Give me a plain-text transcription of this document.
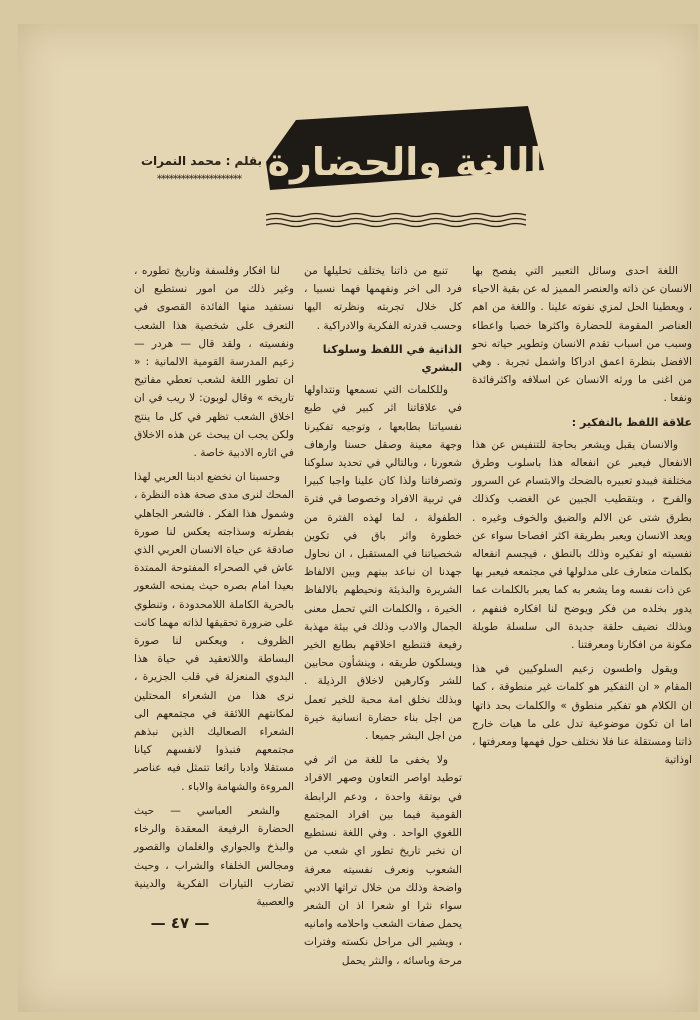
اللغة والحضارة
بقلم : محمد النمرات
*********************

اللغة احدى وسائل التعبير التي يفصح بها الانسان عن ذاته والعنصر المميز له عن بقية الاحياء ، ويعطينا الحل لمزي نفوته علينا . واللغة من اهم العناصر المقومة للحضارة واكثرها خصبا واعطاء وسبب من اسباب تقدم الانسان وتطوير حياته نحو الافضل بنظرة اعمق ادراكا واشمل تجربة . وهي من اغنى ما ورثه الانسان عن اسلافه واكثرفائدة ونفعا .

علاقة اللفظ بالتفكير :

والانسان يقبل ويشعر بحاجة للتنفيس عن هذا الانفعال فيعبر عن انفعاله هذا باسلوب وطرق مختلفة فيبدو تعبيره بالضحك والابتسام عن السرور والفرح ، وبتقطيب الجبين عن الغضب وكذلك بطرق شتى عن الالم والضيق والخوف وغيره . ويعد الانسان ويعبر بطريقة اكثر افصاحا سواء عن نفسيته او تفكيره وذلك بالنطق ، فيجسم انفعاله بكلمات متعارف على مدلولها في مجتمعه فيعبر بها عن ذات نفسه وما يشعر به كما يعبر بالكلمات عما يدور بخلده من فكر ويوضح لنا افكاره فنفهم ، وبذلك نضيف حلقة جديدة الى سلسلة طويلة مكونة من افكارنا ومعرفتنا .

ويقول واطسون زعيم السلوكيين في هذا المقام « ان التفكير هو كلمات غير منطوقة ، كما ان الكلام هو تفكير منطوق » والكلمات بحد ذاتها اما ان تكون موضوعية تدل على ما هيات خارج ذاتنا ومستقلة عنا فلا نختلف حول فهمها ومعرفتها ، اوذاتية

تنبع من ذاتنا يختلف تحليلها من فرد الى اخر ونفهمها فهما نسبيا ، كل خلال تجربته ونظرته اليها وحسب قدرته الفكرية والادراكية .

الذاتية في اللفظ وسلوكنا البشري

وللكلمات التي نسمعها ونتداولها في علاقاتنا اثر كبير في طبع نفسياتنا بطابعها ، وتوجيه تفكيرنا وجهة معينة وصقل حسنا وارهاف شعورنا ، وبالتالي في تحديد سلوكنا وتصرفاتنا ولذا كان علينا واجبا كبيرا في تربية الافراد وخصوصا في فترة الطفولة ، لما لهذه الفترة من خطورة واثر باق في تكوين شخصياتنا في المستقبل ، ان نحاول جهدنا ان نباعد بينهم وبين الالفاظ الشريرة والبذيئة ونحيطهم بالالفاظ الخيرة ، والكلمات التي تحمل معنى الجمال والادب وذلك في بيئة مهذبة رفيعة فتنطبع اخلاقهم بطابع الخير ويسلكون طريقه ، وينشأون محابين للشر وكارهين لاخلاق الرذيلة . وبذلك نخلق امة محبة للخير تعمل من اجل بناء حضارة انسانية خيرة من اجل البشر جميعا .

ولا يخفى ما للغة من اثر في توطيد اواصر التعاون وصهر الافراد في بوتقة واحدة ، ودعم الرابطة القومية فيما بين افراد المجتمع اللغوي الواحد . وفي اللغة نستطيع ان نخبر تاريخ تطور اي شعب من الشعوب ونعرف نفسيته معرفة واضحة وذلك من خلال تراثها الادبي سواء نثرا او شعرا اذ ان الشعر يحمل صفات الشعب واحلامه وامانيه ، ويشير الى مراحل نكسته وفترات مرحة وباسائه ، والنثر يحمل

لنا افكار وفلسفة وتاريخ تطوره ، وغير ذلك من امور نستطيع ان نستفيد منها الفائدة القصوى في التعرف على شخصية هذا الشعب ونفسيته ، ولقد قال — هردر — زعيم المدرسة القومية الالمانية : « ان تطور اللغة لشعب تعطي مفاتيح تاريخه » وقال لوبون: لا ريب في ان اخلاق الشعب تظهر في كل ما ينتج ولكن يجب ان يبحث عن هذه الاخلاق في اثاره الادبية خاصة .

وحسبنا ان نخضع ادبنا العربي لهذا المحك لنرى مدى صحة هذه النظرة ، وشمول هذا الفكر . فالشعر الجاهلي بفطرته وسذاجته يعكس لنا صورة صادقة عن حياة الانسان العربي الذي عاش في الصحراء المفتوحة الممتدة بعيدا امام بصره حيث يمنحه الشعور بالحرية الكاملة اللامحدودة ، وتنطوي على ضرورة تحقيقها لذاته مهما كانت الظروف ، ويعكس لنا صورة البساطة واللاتعقيد في حياة هذا البدوي المنعزلة في قلب الجزيرة ، نرى هذا من الشعراء المحتلين لمكانتهم اللائقة في مجتمعهم الى الشعراء الصعاليك الذين نبذهم مجتمعهم فنبذوا لانفسهم كيانا مستقلا وادبا رائعا تتمثل فيه عناصر المروءة والشهامة والاباء .

والشعر العباسي — حيث الحضارة الرفيعة المعقدة والرخاء والبذخ والجواري والغلمان والقصور ومجالس الخلفاء والشراب ، وحيث تضارب التيارات الفكرية والدينية والعصبية

— ٤٧ —
